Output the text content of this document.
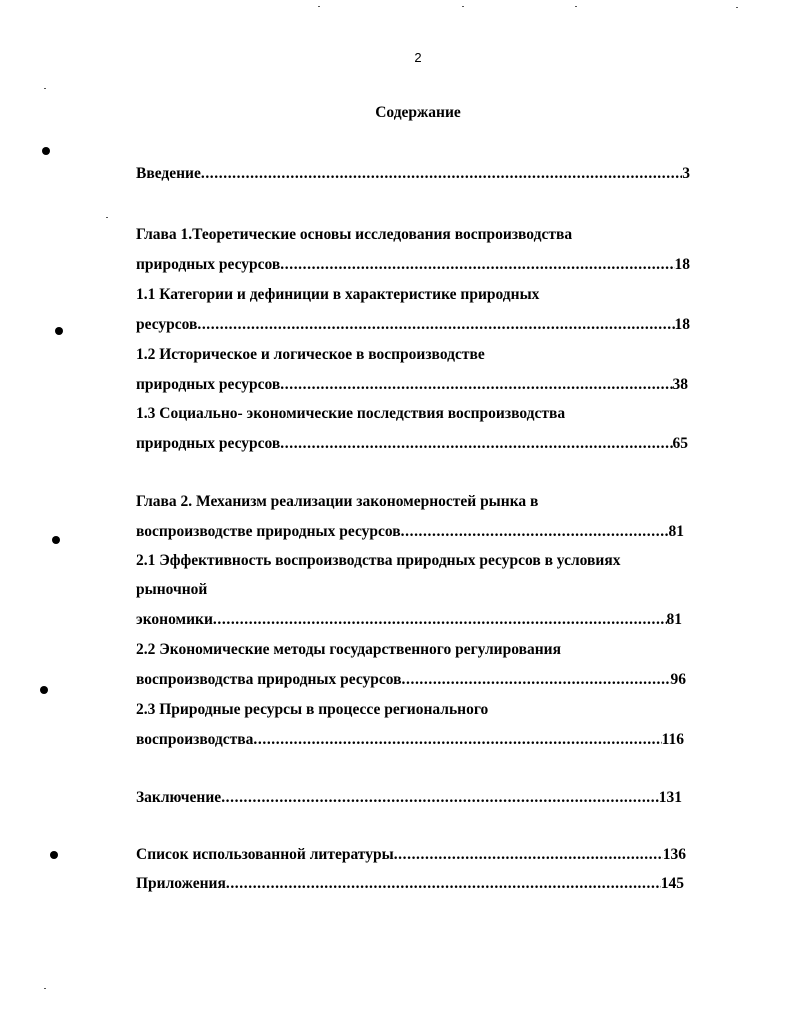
2
Содержание
Введение .....	3
Глава 1.Теоретические основы исследования воспроизводства
природных ресурсов .....	18
1.1 Категории и дефиниции в характеристике природных
ресурсов .....	18
1.2 Историческое и логическое в воспроизводстве
природных ресурсов .....	38
1.3 Социально- экономические последствия воспроизводства
природных ресурсов .....	65
Глава 2. Механизм реализации закономерностей рынка в
воспроизводстве природных ресурсов .....	81
2.1 Эффективность воспроизводства природных ресурсов в условиях
рыночной
экономики .....	81
2.2 Экономические методы государственного регулирования
воспроизводства природных ресурсов .....	96
2.3 Природные ресурсы в процессе регионального
воспроизводства .....	116
Заключение .....	131
Список использованной литературы .....	136
Приложения .....	145
